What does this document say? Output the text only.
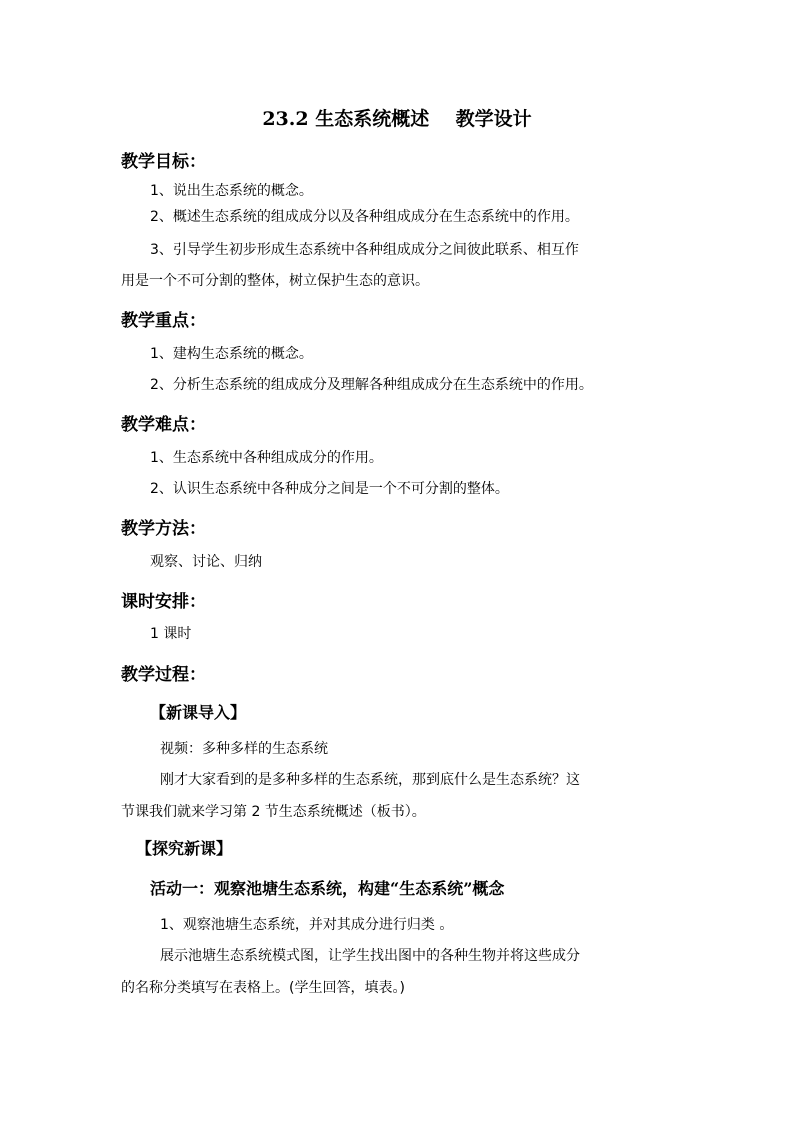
23.2 生态系统概述    教学设计
教学目标：
1、说出生态系统的概念。
2、概述生态系统的组成成分以及各种组成成分在生态系统中的作用。
3、引导学生初步形成生态系统中各种组成成分之间彼此联系、相互作
用是一个不可分割的整体，树立保护生态的意识。
教学重点：
1、建构生态系统的概念。
2、分析生态系统的组成成分及理解各种组成成分在生态系统中的作用。
教学难点：
1、生态系统中各种组成成分的作用。
2、认识生态系统中各种成分之间是一个不可分割的整体。
教学方法：
观察、讨论、归纳
课时安排：
1 课时
教学过程：
【新课导入】
视频：多种多样的生态系统
刚才大家看到的是多种多样的生态系统，那到底什么是生态系统？这
节课我们就来学习第 2 节生态系统概述（板书）。
【探究新课】
活动一：观察池塘生态系统，构建“生态系统”概念
1、观察池塘生态系统，并对其成分进行归类 。
展示池塘生态系统模式图，让学生找出图中的各种生物并将这些成分
的名称分类填写在表格上。(学生回答，填表。)
